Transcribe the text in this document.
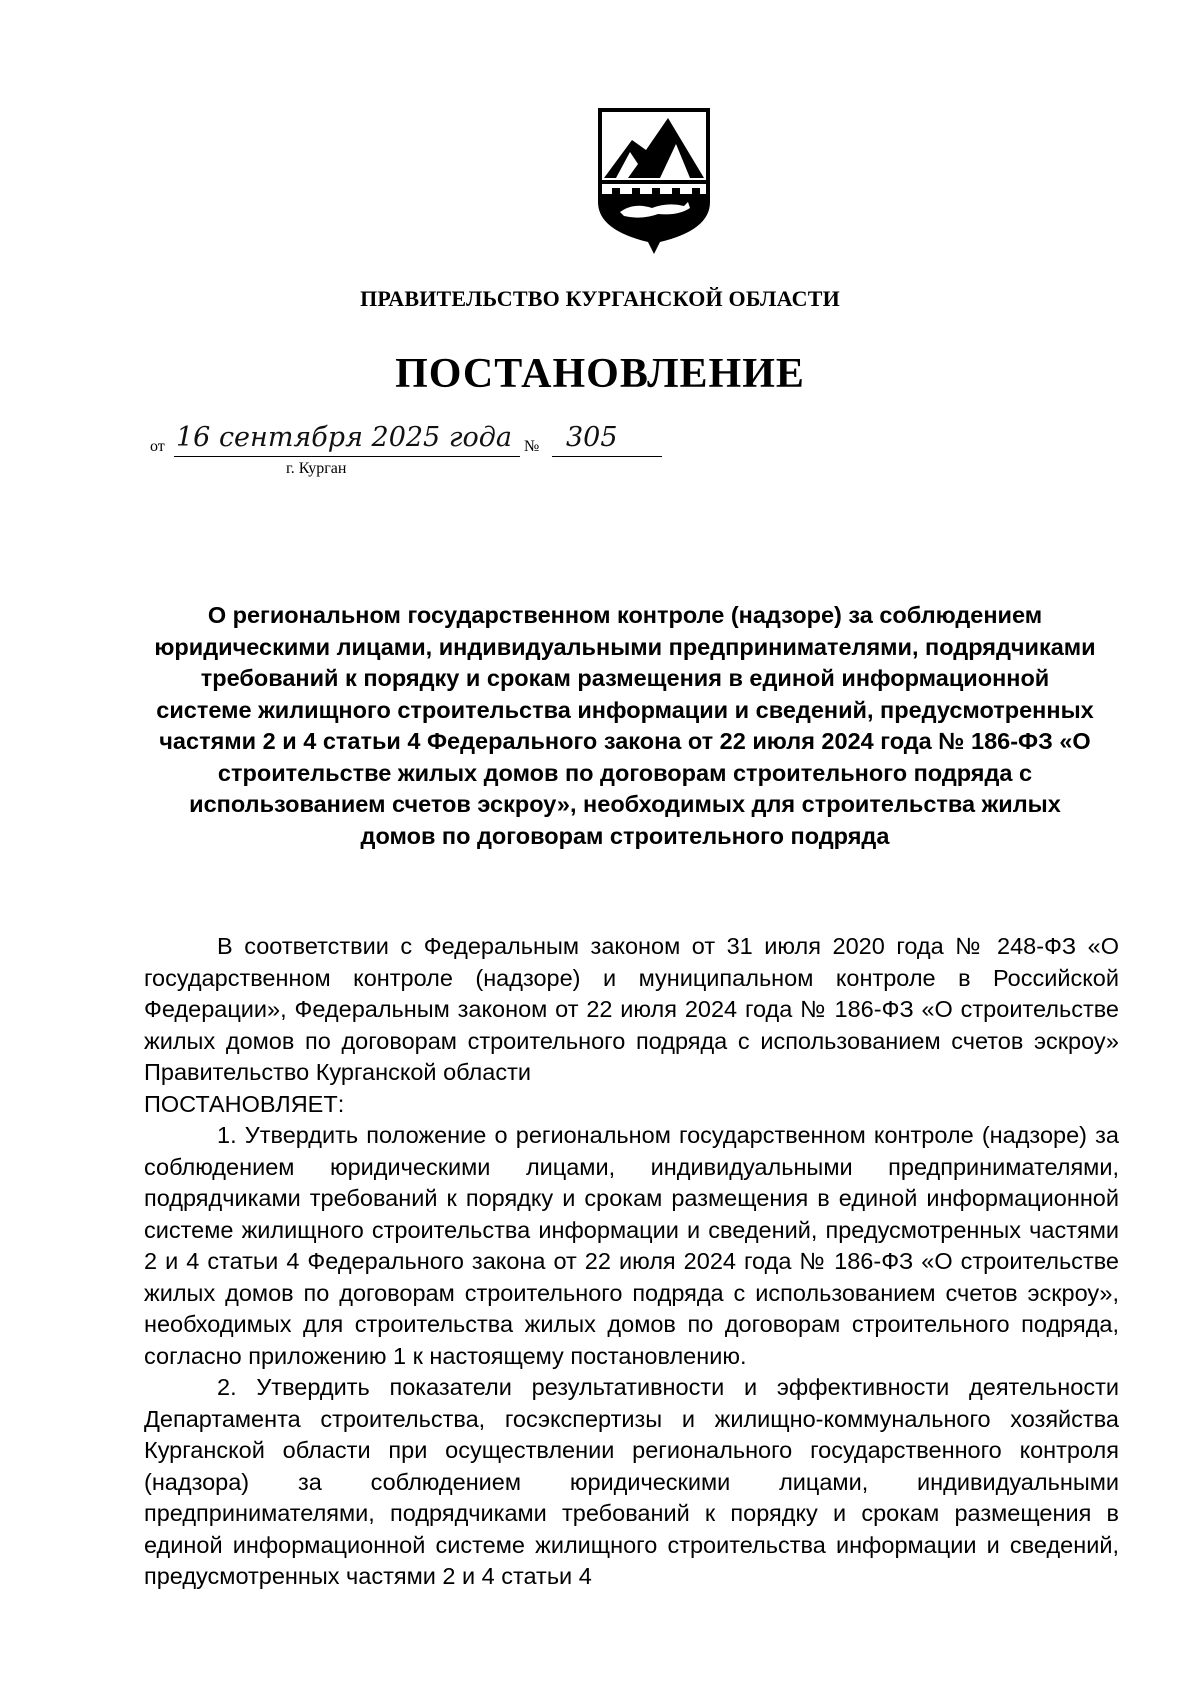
ПРАВИТЕЛЬСТВО КУРГАНСКОЙ ОБЛАСТИ
ПОСТАНОВЛЕНИЕ
от 16 сентября 2025 года № 305
г. Курган
О региональном государственном контроле (надзоре) за соблюдением юридическими лицами, индивидуальными предпринимателями, подрядчиками требований к порядку и срокам размещения в единой информационной системе жилищного строительства информации и сведений, предусмотренных частями 2 и 4 статьи 4 Федерального закона от 22 июля 2024 года № 186-ФЗ «О строительстве жилых домов по договорам строительного подряда с использованием счетов эскроу», необходимых для строительства жилых домов по договорам строительного подряда

В соответствии с Федеральным законом от 31 июля 2020 года № 248-ФЗ «О государственном контроле (надзоре) и муниципальном контроле в Российской Федерации», Федеральным законом от 22 июля 2024 года № 186-ФЗ «О строительстве жилых домов по договорам строительного подряда с использованием счетов эскроу» Правительство Курганской области

ПОСТАНОВЛЯЕТ:

1. Утвердить положение о региональном государственном контроле (надзоре) за соблюдением юридическими лицами, индивидуальными предпринимателями, подрядчиками требований к порядку и срокам размещения в единой информационной системе жилищного строительства информации и сведений, предусмотренных частями 2 и 4 статьи 4 Федерального закона от 22 июля 2024 года № 186-ФЗ «О строительстве жилых домов по договорам строительного подряда с использованием счетов эскроу», необходимых для строительства жилых домов по договорам строительного подряда, согласно приложению 1 к настоящему постановлению.

2. Утвердить показатели результативности и эффективности деятельности Департамента строительства, госэкспертизы и жилищно-коммунального хозяйства Курганской области при осуществлении регионального государственного контроля (надзора) за соблюдением юридическими лицами, индивидуальными предпринимателями, подрядчиками требований к порядку и срокам размещения в единой информационной системе жилищного строительства информации и сведений, предусмотренных частями 2 и 4 статьи 4
